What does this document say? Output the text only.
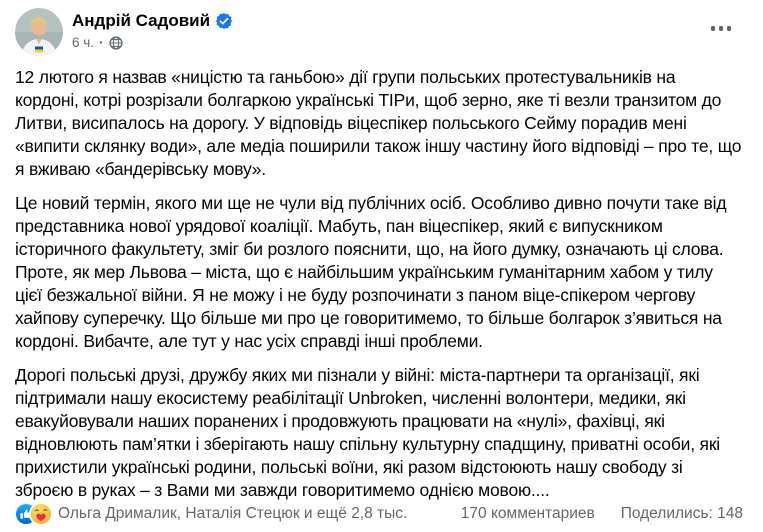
Андрій Садовий
6 ч. ·

12 лютого я назвав «ницістю та ганьбою» дії групи польських протестувальників на кордоні, котрі розрізали болгаркою українські ТІРи, щоб зерно, яке ті везли транзитом до Литви, висипалось на дорогу. У відповідь віцеспікер польського Сейму порадив мені «випити склянку води», але медіа поширили також іншу частину його відповіді – про те, що я вживаю «бандерівську мову».

Це новий термін, якого ми ще не чули від публічних осіб. Особливо дивно почути таке від представника нової урядової коаліції. Мабуть, пан віцеспікер, який є випускником історичного факультету, зміг би розлого пояснити, що, на його думку, означають ці слова. Проте, як мер Львова – міста, що є найбільшим українським гуманітарним хабом у тилу цієї безжальної війни. Я не можу і не буду розпочинати з паном віце-спікером чергову хайпову суперечку. Що більше ми про це говоритимемо, то більше болгарок з’явиться на кордоні. Вибачте, але тут у нас усіх справді інші проблеми.

Дорогі польські друзі, дружбу яких ми пізнали у війні: міста-партнери та організації, які підтримали нашу екосистему реабілітації Unbroken, численні волонтери, медики, які евакуйовували наших поранених і продовжують працювати на «нулі», фахівці, які відновлюють пам’ятки і зберігають нашу спільну культурну спадщину, приватні особи, які прихистили українські родини, польські воїни, які разом відстоюють нашу свободу зі зброєю в руках – з Вами ми завжди говоритимемо однією мовою....

Ольга Дрималик, Наталія Стецюк и ещё 2,8 тыс.	170 комментариев Поделились: 148
